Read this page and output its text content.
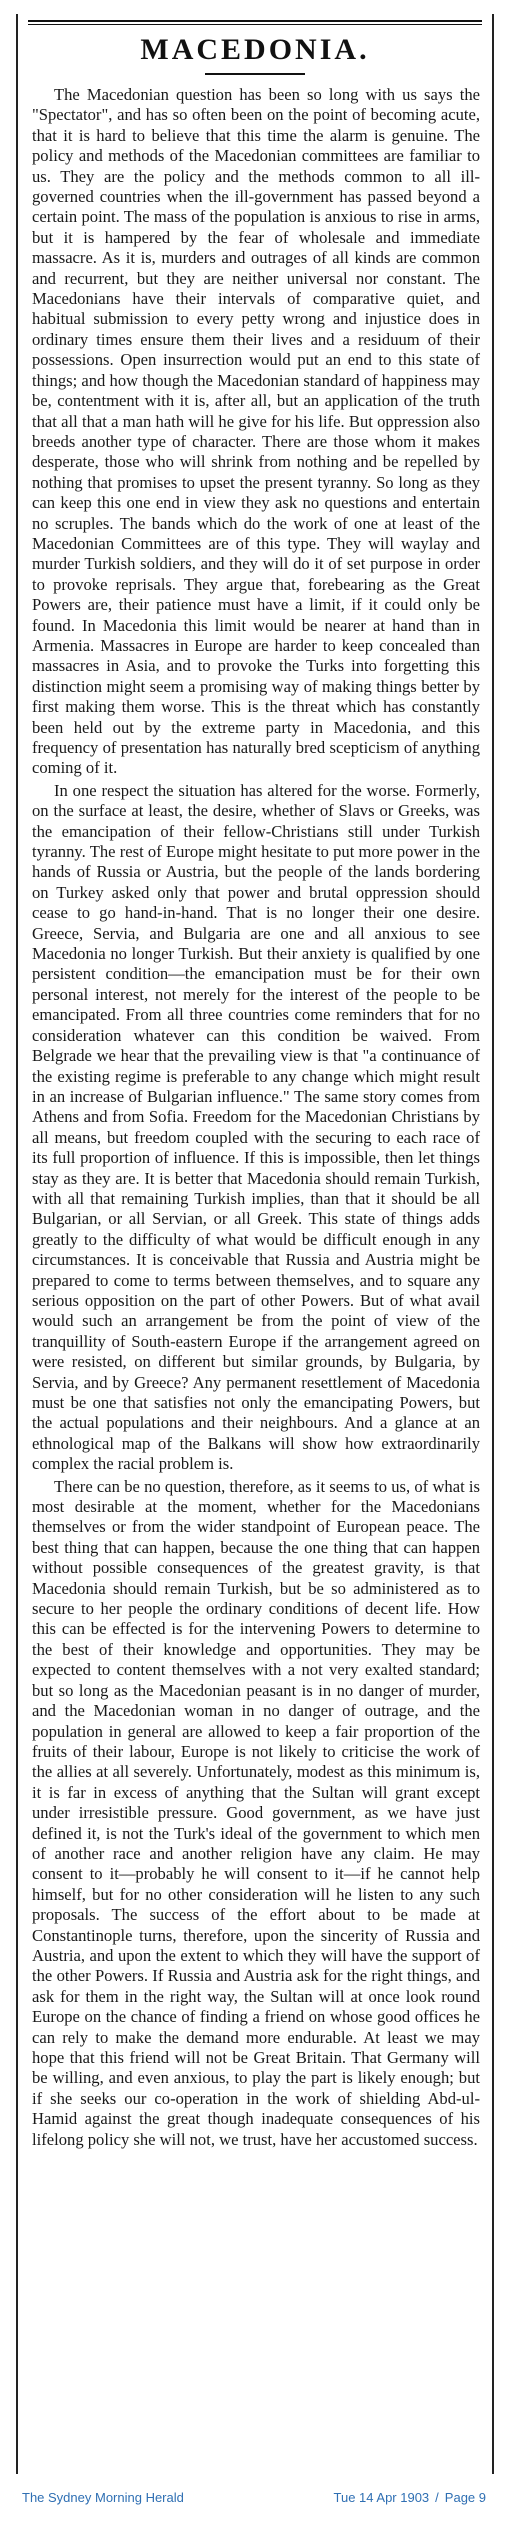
MACEDONIA.

The Macedonian question has been so long with us says the "Spectator", and has so often been on the point of becoming acute, that it is hard to believe that this time the alarm is genuine. The policy and methods of the Macedonian committees are familiar to us. They are the policy and the methods common to all ill-governed countries when the ill-government has passed beyond a certain point. The mass of the population is anxious to rise in arms, but it is hampered by the fear of wholesale and immediate massacre. As it is, murders and outrages of all kinds are common and recurrent, but they are neither universal nor constant. The Macedonians have their intervals of comparative quiet, and habitual submission to every petty wrong and injustice does in ordinary times ensure them their lives and a residuum of their possessions. Open insurrection would put an end to this state of things; and how though the Macedonian standard of happiness may be, contentment with it is, after all, but an application of the truth that all that a man hath will he give for his life. But oppression also breeds another type of character. There are those whom it makes desperate, those who will shrink from nothing and be repelled by nothing that promises to upset the present tyranny. So long as they can keep this one end in view they ask no questions and entertain no scruples. The bands which do the work of one at least of the Macedonian Committees are of this type. They will waylay and murder Turkish soldiers, and they will do it of set purpose in order to provoke reprisals. They argue that, forebearing as the Great Powers are, their patience must have a limit, if it could only be found. In Macedonia this limit would be nearer at hand than in Armenia. Massacres in Europe are harder to keep concealed than massacres in Asia, and to provoke the Turks into forgetting this distinction might seem a promising way of making things better by first making them worse. This is the threat which has constantly been held out by the extreme party in Macedonia, and this frequency of presentation has naturally bred scepticism of anything coming of it.

In one respect the situation has altered for the worse. Formerly, on the surface at least, the desire, whether of Slavs or Greeks, was the emancipation of their fellow-Christians still under Turkish tyranny. The rest of Europe might hesitate to put more power in the hands of Russia or Austria, but the people of the lands bordering on Turkey asked only that power and brutal oppression should cease to go hand-in-hand. That is no longer their one desire. Greece, Servia, and Bulgaria are one and all anxious to see Macedonia no longer Turkish. But their anxiety is qualified by one persistent condition—the emancipation must be for their own personal interest, not merely for the interest of the people to be emancipated. From all three countries come reminders that for no consideration whatever can this condition be waived. From Belgrade we hear that the prevailing view is that "a continuance of the existing regime is preferable to any change which might result in an increase of Bulgarian influence." The same story comes from Athens and from Sofia. Freedom for the Macedonian Christians by all means, but freedom coupled with the securing to each race of its full proportion of influence. If this is impossible, then let things stay as they are. It is better that Macedonia should remain Turkish, with all that remaining Turkish implies, than that it should be all Bulgarian, or all Servian, or all Greek. This state of things adds greatly to the difficulty of what would be difficult enough in any circumstances. It is conceivable that Russia and Austria might be prepared to come to terms between themselves, and to square any serious opposition on the part of other Powers. But of what avail would such an arrangement be from the point of view of the tranquillity of South-eastern Europe if the arrangement agreed on were resisted, on different but similar grounds, by Bulgaria, by Servia, and by Greece? Any permanent resettlement of Macedonia must be one that satisfies not only the emancipating Powers, but the actual populations and their neighbours. And a glance at an ethnological map of the Balkans will show how extraordinarily complex the racial problem is.

There can be no question, therefore, as it seems to us, of what is most desirable at the moment, whether for the Macedonians themselves or from the wider standpoint of European peace. The best thing that can happen, because the one thing that can happen without possible consequences of the greatest gravity, is that Macedonia should remain Turkish, but be so administered as to secure to her people the ordinary conditions of decent life. How this can be effected is for the intervening Powers to determine to the best of their knowledge and opportunities. They may be expected to content themselves with a not very exalted standard; but so long as the Macedonian peasant is in no danger of murder, and the Macedonian woman in no danger of outrage, and the population in general are allowed to keep a fair proportion of the fruits of their labour, Europe is not likely to criticise the work of the allies at all severely. Unfortunately, modest as this minimum is, it is far in excess of anything that the Sultan will grant except under irresistible pressure. Good government, as we have just defined it, is not the Turk's ideal of the government to which men of another race and another religion have any claim. He may consent to it—probably he will consent to it—if he cannot help himself, but for no other consideration will he listen to any such proposals. The success of the effort about to be made at Constantinople turns, therefore, upon the sincerity of Russia and Austria, and upon the extent to which they will have the support of the other Powers. If Russia and Austria ask for the right things, and ask for them in the right way, the Sultan will at once look round Europe on the chance of finding a friend on whose good offices he can rely to make the demand more endurable. At least we may hope that this friend will not be Great Britain. That Germany will be willing, and even anxious, to play the part is likely enough; but if she seeks our co-operation in the work of shielding Abd-ul-Hamid against the great though inadequate consequences of his lifelong policy she will not, we trust, have her accustomed success.

The Sydney Morning Herald	Tue 14 Apr 1903 / Page 9
